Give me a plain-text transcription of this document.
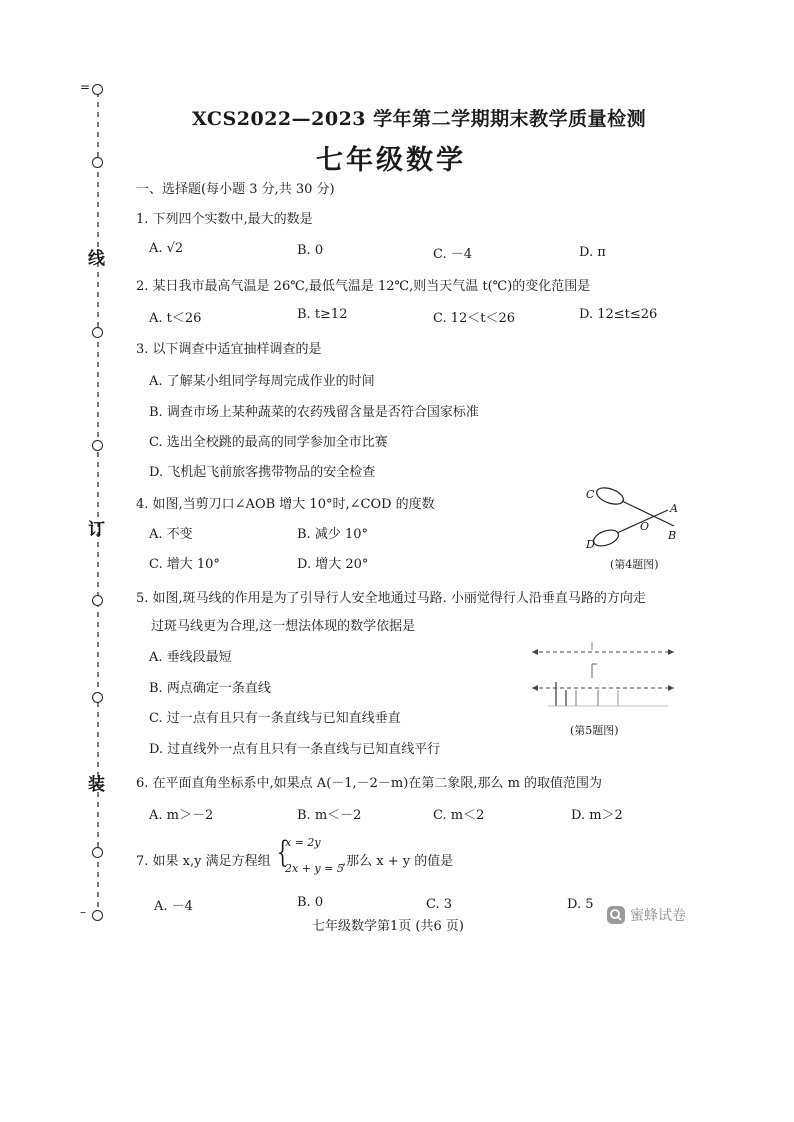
=
线
订
装
–
XCS2022—2023 学年第二学期期末教学质量检测
七年级数学
一、选择题(每小题 3 分,共 30 分)
1. 下列四个实数中,最大的数是
A. √2	B. 0	C. －4	D. π
2. 某日我市最高气温是 26℃,最低气温是 12℃,则当天气温 t(℃)的变化范围是
A. t＜26	B. t≥12	C. 12＜t＜26	D. 12≤t≤26
3. 以下调查中适宜抽样调查的是
A. 了解某小组同学每周完成作业的时间
B. 调查市场上某种蔬菜的农药残留含量是否符合国家标准
C. 选出全校跳的最高的同学参加全市比赛
D. 飞机起飞前旅客携带物品的安全检查
4. 如图,当剪刀口∠AOB 增大 10°时,∠COD 的度数
A. 不变	B. 减少 10°
C. 增大 10°	D. 增大 20°
C
A
O
B
D
(第4题图)
5. 如图,斑马线的作用是为了引导行人安全地通过马路. 小丽觉得行人沿垂直马路的方向走
过斑马线更为合理,这一想法体现的数学依据是
A. 垂线段最短
B. 两点确定一条直线
C. 过一点有且只有一条直线与已知直线垂直
D. 过直线外一点有且只有一条直线与已知直线平行
(第5题图)
6. 在平面直角坐标系中,如果点 A(－1,－2－m)在第二象限,那么 m 的取值范围为
A. m＞－2	B. m＜－2	C. m＜2	D. m＞2
7. 如果 x,y 满足方程组 {
x = 2y
2x + y = 5
,那么 x + y 的值是
A. －4	B. 0	C. 3	D. 5
七年级数学第1页 (共6 页)
蜜蜂试卷
